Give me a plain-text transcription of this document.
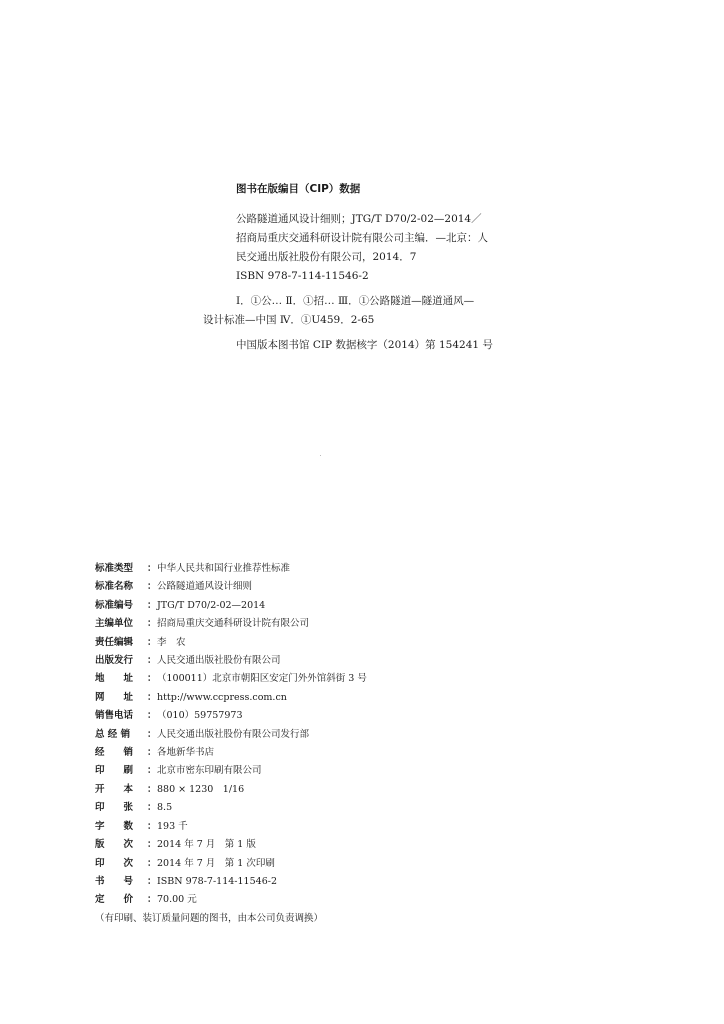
图书在版编目（CIP）数据
公路隧道通风设计细则；JTG/T D70/2-02—2014／
招商局重庆交通科研设计院有限公司主编．—北京：人
民交通出版社股份有限公司，2014．7
ISBN 978-7-114-11546-2
Ⅰ．①公… Ⅱ．①招… Ⅲ．①公路隧道—隧道通风—
设计标准—中国 Ⅳ．①U459．2-65
中国版本图书馆 CIP 数据核字（2014）第 154241 号
标准类型	： 中华人民共和国行业推荐性标准
标准名称	： 公路隧道通风设计细则
标准编号	： JTG/T D70/2-02—2014
主编单位	： 招商局重庆交通科研设计院有限公司
责任编辑	： 李　农
出版发行	： 人民交通出版社股份有限公司
地　　址	： （100011）北京市朝阳区安定门外外馆斜街 3 号
网　　址	： http://www.ccpress.com.cn
销售电话	： （010）59757973
总 经 销	： 人民交通出版社股份有限公司发行部
经　　销	： 各地新华书店
印　　刷	： 北京市密东印刷有限公司
开　　本	： 880 × 1230　1/16
印　　张	： 8.5
字　　数	： 193 千
版　　次	： 2014 年 7 月　第 1 版
印　　次	： 2014 年 7 月　第 1 次印刷
书　　号	： ISBN 978-7-114-11546-2
定　　价	： 70.00 元
（有印刷、装订质量问题的图书，由本公司负责调换）
